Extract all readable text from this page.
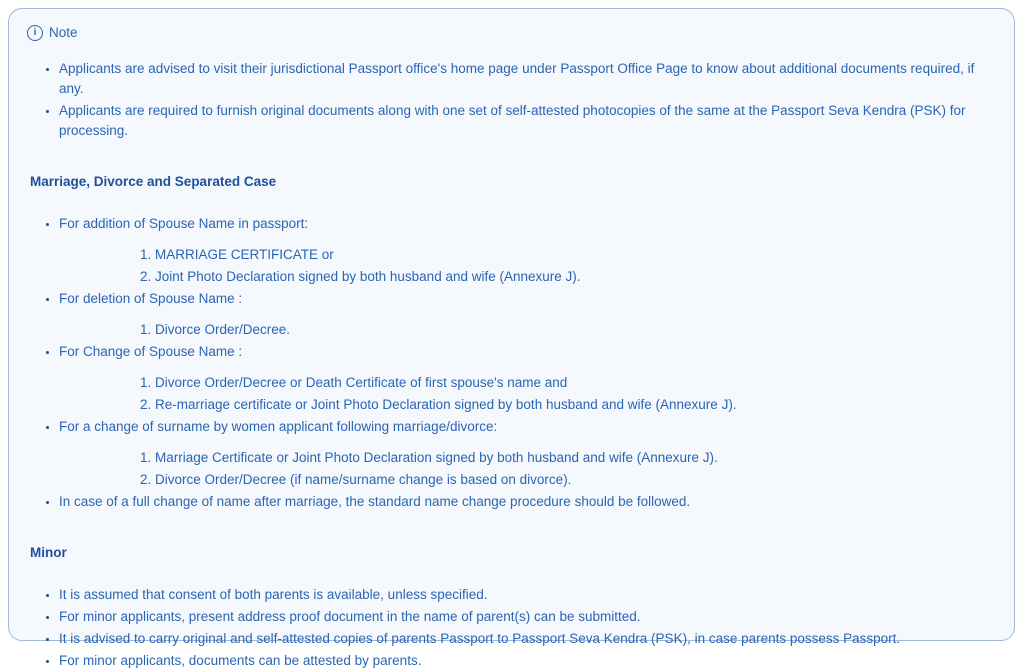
i Note
• Applicants are advised to visit their jurisdictional Passport office's home page under Passport Office Page to know about additional documents required, if any.
• Applicants are required to furnish original documents along with one set of self-attested photocopies of the same at the Passport Seva Kendra (PSK) for processing.
Marriage, Divorce and Separated Case
• For addition of Spouse Name in passport:
1. MARRIAGE CERTIFICATE or
2. Joint Photo Declaration signed by both husband and wife (Annexure J).
• For deletion of Spouse Name :
1. Divorce Order/Decree.
• For Change of Spouse Name :
1. Divorce Order/Decree or Death Certificate of first spouse's name and
2. Re-marriage certificate or Joint Photo Declaration signed by both husband and wife (Annexure J).
• For a change of surname by women applicant following marriage/divorce:
1. Marriage Certificate or Joint Photo Declaration signed by both husband and wife (Annexure J).
2. Divorce Order/Decree (if name/surname change is based on divorce).
• In case of a full change of name after marriage, the standard name change procedure should be followed.
Minor
• It is assumed that consent of both parents is available, unless specified.
• For minor applicants, present address proof document in the name of parent(s) can be submitted.
• It is advised to carry original and self-attested copies of parents Passport to Passport Seva Kendra (PSK), in case parents possess Passport.
• For minor applicants, documents can be attested by parents.
